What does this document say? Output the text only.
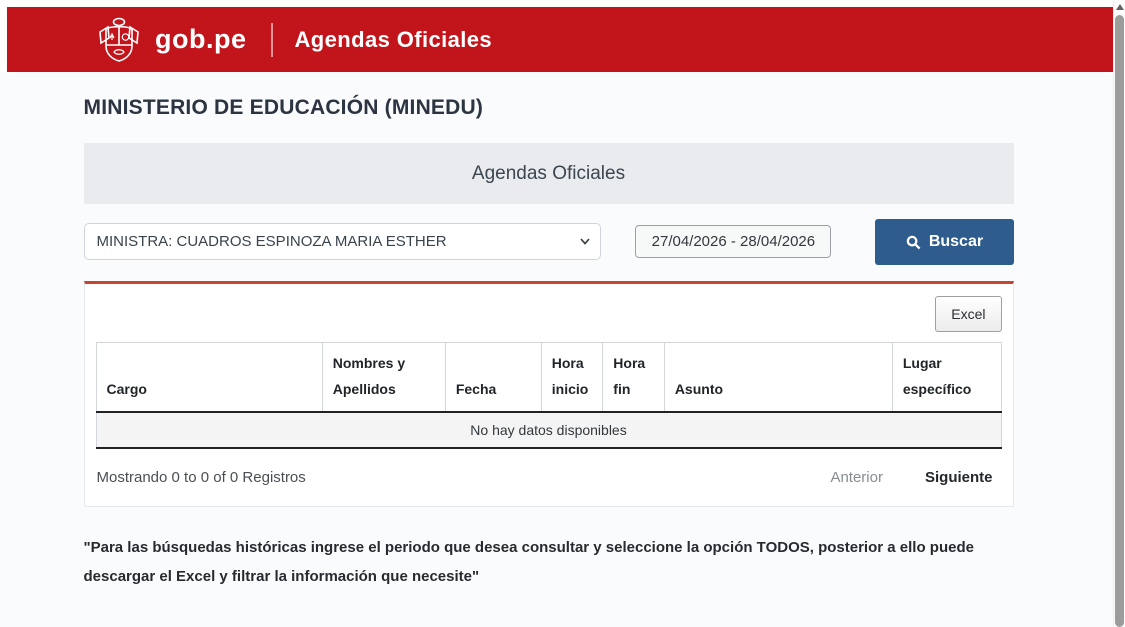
gob.pe Agendas Oficiales
MINISTERIO DE EDUCACIÓN (MINEDU)
Agendas Oficiales
MINISTRA: CUADROS ESPINOZA MARIA ESTHER
27/04/2026 - 28/04/2026
Buscar
Excel
Cargo	Nombres y Apellidos	Fecha	Hora inicio	Hora fin	Asunto	Lugar específico
No hay datos disponibles
Mostrando 0 to 0 of 0 Registros	Anterior	Siguiente

"Para las búsquedas históricas ingrese el periodo que desea consultar y seleccione la opción TODOS, posterior a ello puede descargar el Excel y filtrar la información que necesite"
